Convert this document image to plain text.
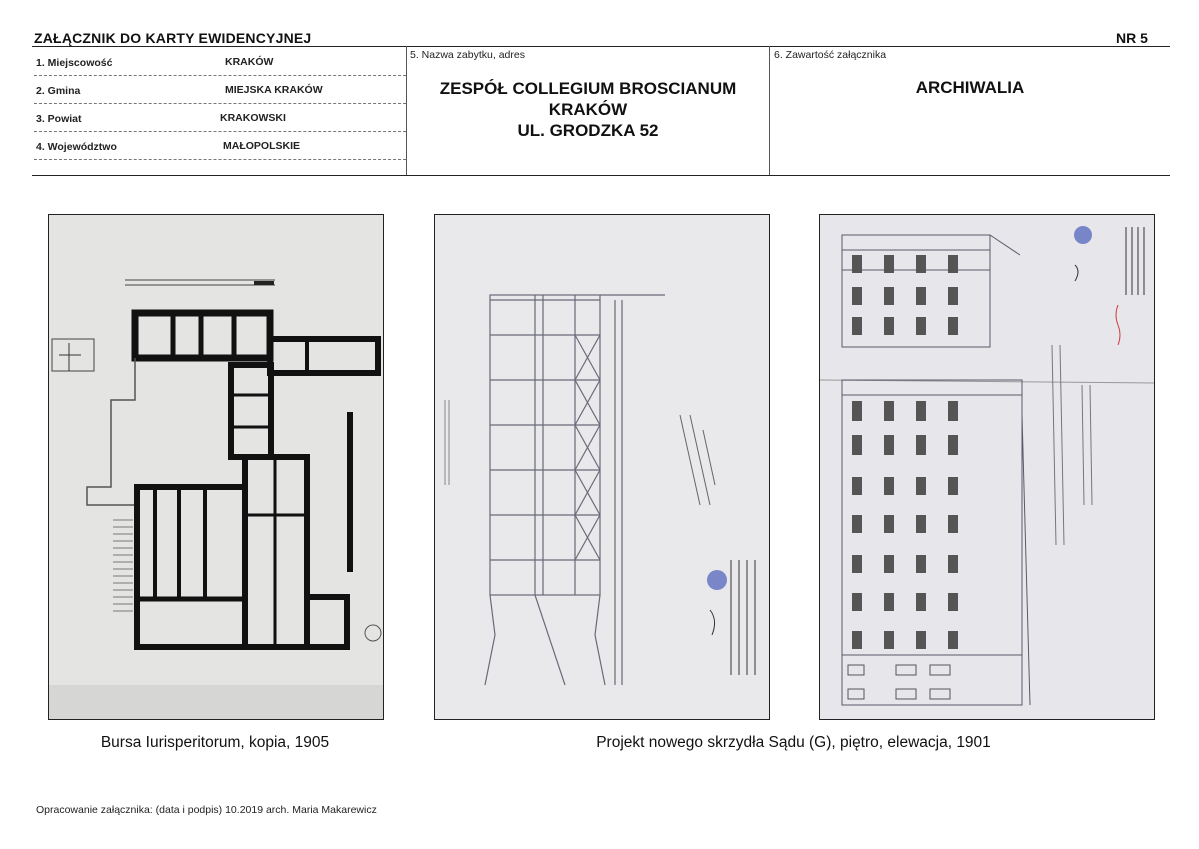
ZAŁĄCZNIK DO KARTY EWIDENCYJNEJ	NR 5
1. Miejscowość	KRAKÓW
2. Gmina	MIEJSKA KRAKÓW
3. Powiat	KRAKOWSKI
4. Województwo	MAŁOPOLSKIE
5. Nazwa zabytku, adres
ZESPÓŁ COLLEGIUM BROSCIANUM
KRAKÓW
UL. GRODZKA 52
6. Zawartość załącznika
ARCHIWALIA
Bursa Iurisperitorum, kopia, 1905	Projekt nowego skrzydła Sądu (G), piętro, elewacja, 1901
Opracowanie załącznika: (data i podpis) 10.2019 arch. Maria Makarewicz
